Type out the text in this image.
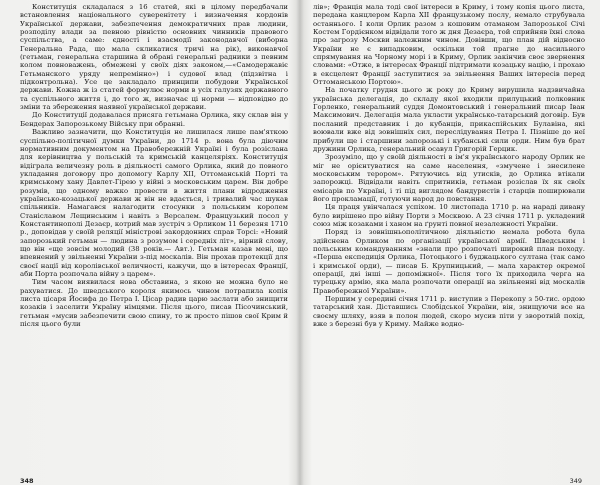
Конституція складалася з 16 статей, які в цілому передбачали встановлення національного суверенітету і визначення кордонів Української держави, забезпечення демократичних прав людини, розподілу влади за певною рівністю основних чинників правового суспільства, а саме: єдності і взаємодії законодавчої (виборна Генеральна Рада, що мала скликатися тричі на рік), виконавчої (гетьман, генеральна старшина й обрані генеральні радники з певним колом повноважень, обмежені у своїх діях законом,—«Самодержавіє Гетьманского уряду непремінно») і судової влад (підзвітна і підконтрольна). Усе це закладало принципи побудови Української держави. Кожна ж із статей формулює норми в усіх галузях державного та суспільного життя і, до того ж, визначає ці норми — відповідно до зміни та збереження наявної української держави.

До Конституції додавалася присяга гетьмана Орлика, яку склав він у Бендерах Запорозькому Війську при обранні.

Важливо зазначити, що Конституція не лишилася лише пам'яткою суспільно-політичної думки України, до 1714 р. вона була діючим нормативним документом на Правобережній Україні і була розіслана для керівництва у польській та кримській канцеляріях. Конституція відіграла величезну роль в діяльності самого Орлика, який до повного укладання договору про допомогу Карлу XII, Оттоманській Порті та кримському хану Давлет-Гірею у війні з московським царем. Він добре розумів, що одному важко провести в життя плани відродження українсько-козацької держави ж він не вдається, і тривалий час шукав спільників. Намагався налагодити стосунки з польським королем Станіславом Лещинським і навіть з Версалем. Французький посол у Константинополі Дезаєр, котрий мав зустріч з Орликом 11 березня 1710 р., доповідав у своїй реляції міністрові закордонних справ Торсі: «Новий запорозький гетьман — людина з розумом і середніх літ», вірний слову, що він «ще зовсім молодий (38 років.— Авт.). Гетьман казав мені, що впевнений у звільненні України з-під москалів. Він прохав протекції для своєї нації від королівської величності, кажучи, що в інтересах Франції, аби Порта розпочала війну з царем».

Тим часом виявилася нова обставина, з якою не можна було не рахуватися. До шведського короля якимось чином потрапила копія листа цісаря Йосифа до Петра І. Цісар радив царю заслати або знищити козаків і заселити Україну німцями. Після цього, писав Пісочинський, гетьман «мусив забезпечити свою спину, то ж просто пішов свої Крим й після цього були

348

лів»; Франція мала тоді свої інтереси в Криму, і тому копія цього листа, передана канцлером Карла XII французькому послу, немало струбувала останнього. І коли Орлик разом з кошовим отаманом Запорозької Січі Костем Гордієнком відвідали того ж дня Дезаєра, той сприйняв їхні слова про загрозу Москви належним чином. Довівши, що план дій відносно України не є випадковим, оскільки той прагне до насильного спрямування на Чорному морі і в Криму, Орлик закінчив своє звернення словами: «Отже, в інтересах Франції підтримати козацьку націю, і прохаю в ексцелент Франції заступитися за звільнення Ваших інтересів перед Оттоманською Портою».

На початку грудня цього ж року до Криму вирушила надзвичайна українська делегація, до складу якої входили прилуцький полковник Горленко, генеральний суддя Домонтовський і генеральний писар Іван Максимович. Делегація мала укласти українсько-татарський договір. Був посланий представник і до кубанців, прикаспійських Булавіна, які воювали вже від зовнішніх сил, переслідування Петра I. Пізніше до неї прибули ще і старшини запорозькі і кубанські сили орди. Ним був брат дружини Орлика, генеральний осавул Григорій Герцик.

Зрозуміло, що у своїй діяльності в ім'я українського народу Орлик не міг не орієнтуватися на саме населення, «змучене і знесилене московським терором». Рятуючись від утисків, до Орлика втікали запорожці. Відвідали навіть спритників, гетьман розіслав їх як своїх емісарів по Україні, і ті під виглядом бандуристів і старців поширювали його прокламації, готуючи народ до повстання.

Ця праця увінчалася успіхом. 10 листопада 1710 р. на нараді дивану було вирішено про війну Порти з Москвою. А 23 січня 1711 р. укладений союз між козаками і ханом на ґрунті повної незалежності України.

Поряд із зовнішньополітичною діяльністю немала робота була здійснена Орликом по організації української армії. Шведським і польським командуванням «знали про розпочаті широкий план походу. «Перша експедиція Орлика, Потоцького і буджацького султана (так само і кримської орди), — писав Б. Крупницький, — мала характер окремої операції, дві інші — допоміжної». Після того їх приходила черга на турецьку армію, яка мала розпочати операції на звільненні від москалів Правобережної України».

Першим у середині січня 1711 р. виступив з Перекопу з 50-тис. ордою татарський хан. Діставшись Слобідської України, він, знищуючи все на своєму шляху, взяв в полон людей, скоро мусив піти у зворотній похід, вже з березні був у Криму. Майже водно-

349
